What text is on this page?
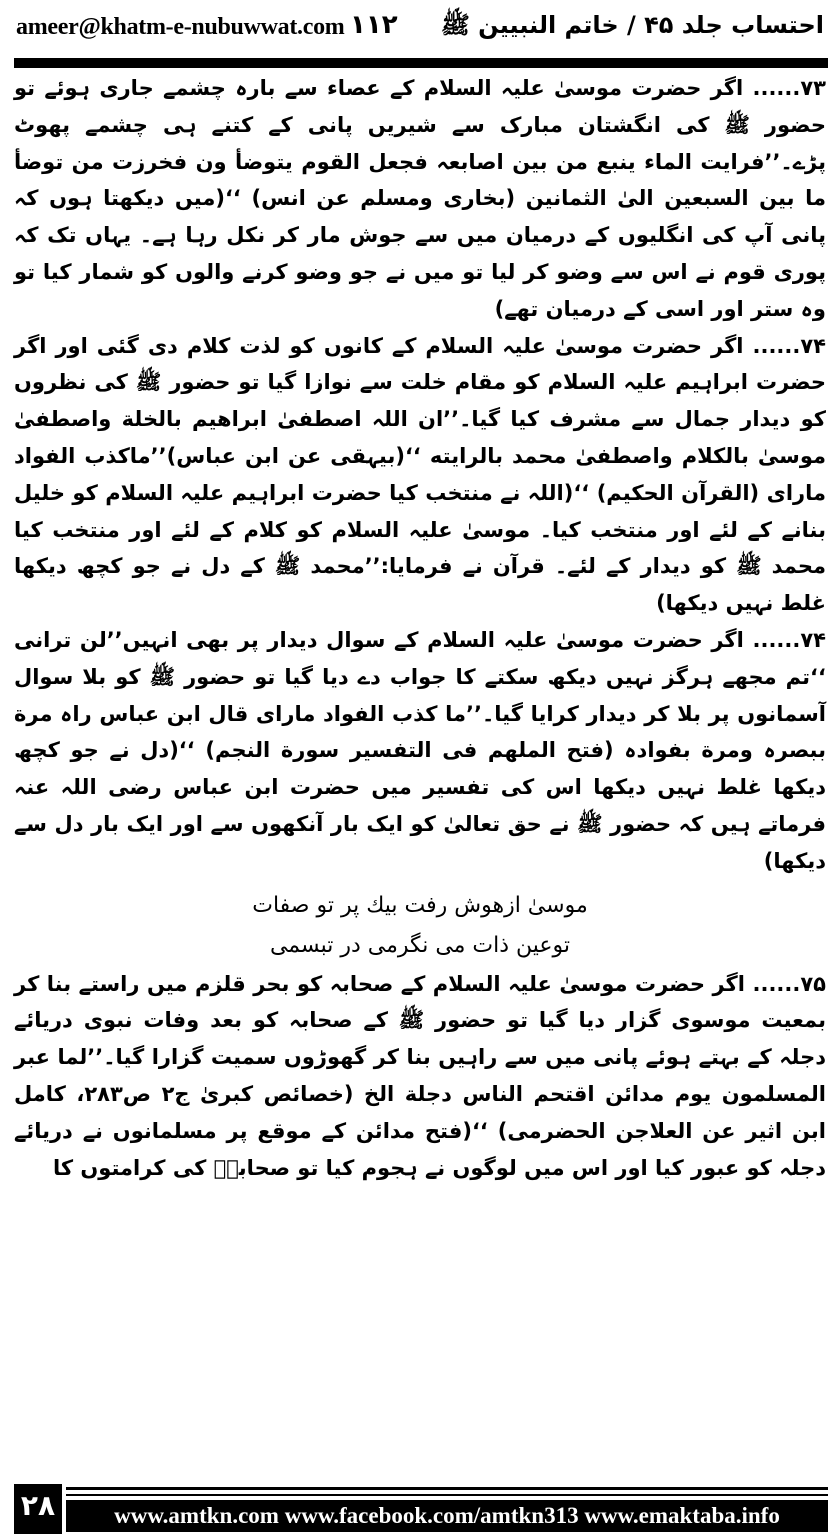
ameer@khatm-e-nubuwwat.com ۱۱۲ احتساب جلد ۴۵ / خاتم النبیین ﷺ

۷۳...... اگر حضرت موسیٰ علیہ السلام کے عصاء سے بارہ چشمے جاری ہوئے تو حضور ﷺ کی انگشتان مبارک سے شیریں پانی کے کتنے ہی چشمے پھوٹ پڑے۔’’فرایت الماء ینبع من بین اصابعہ فجعل القوم یتوضأ ون فخرزت من توضأ ما بین السبعین الیٰ الثمانین (بخاری ومسلم عن انس) ‘‘(میں دیکھتا ہوں کہ پانی آپ کی انگلیوں کے درمیان میں سے جوش مار کر نکل رہا ہے۔ یہاں تک کہ پوری قوم نے اس سے وضو کر لیا تو میں نے جو وضو کرنے والوں کو شمار کیا تو وہ ستر اور اسی کے درمیان تھے)

۷۴...... اگر حضرت موسیٰ علیہ السلام کے کانوں کو لذت کلام دی گئی اور اگر حضرت ابراہیم علیہ السلام کو مقام خلت سے نوازا گیا تو حضور ﷺ کی نظروں کو دیدار جمال سے مشرف کیا گیا۔’’ان اللہ اصطفیٰ ابراهیم بالخلة واصطفیٰ موسیٰ بالکلام واصطفیٰ محمد بالرایته ‘‘(بیہقی عن ابن عباس)’’ماکذب الفواد مارای (القرآن الحکیم) ‘‘(اللہ نے منتخب کیا حضرت ابراہیم علیہ السلام کو خلیل بنانے کے لئے اور منتخب کیا۔ موسیٰ علیہ السلام کو کلام کے لئے اور منتخب کیا محمد ﷺ کو دیدار کے لئے۔ قرآن نے فرمایا:’’محمد ﷺ کے دل نے جو کچھ دیکھا غلط نہیں دیکھا)

۷۴...... اگر حضرت موسیٰ علیہ السلام کے سوال دیدار پر بھی انہیں’’لن ترانی ‘‘تم مجھے ہرگز نہیں دیکھ سکتے کا جواب دے دیا گیا تو حضور ﷺ کو بلا سوال آسمانوں پر بلا کر دیدار کرایا گیا۔’’ما کذب الفواد مارای قال ابن عباس راہ مرة ببصرہ ومرة بفوادہ (فتح الملهم فی التفسیر سورة النجم) ‘‘(دل نے جو کچھ دیکھا غلط نہیں دیکھا اس کی تفسیر میں حضرت ابن عباس رضی اللہ عنہ فرماتے ہیں کہ حضور ﷺ نے حق تعالیٰ کو ایک بار آنکھوں سے اور ایک بار دل سے دیکھا)

موسیٰ ازهوش رفت بیك پر تو صفات
توعین ذات می نگرمی در تبسمی

۷۵...... اگر حضرت موسیٰ علیہ السلام کے صحابہ کو بحر قلزم میں راستے بنا کر بمعیت موسوی گزار دیا گیا تو حضور ﷺ کے صحابہ کو بعد وفات نبوی دریائے دجلہ کے بہتے ہوئے پانی میں سے راہیں بنا کر گھوڑوں سمیت گزارا گیا۔’’لما عبر المسلمون یوم مدائن اقتحم الناس دجلة الخ (خصائص کبریٰ ج۲ ص۲۸۳، کامل ابن اثیر عن العلاجن الحضرمی) ‘‘(فتح مدائن کے موقع پر مسلمانوں نے دریائے دجلہ کو عبور کیا اور اس میں لوگوں نے ہجوم کیا تو صحابہؓ کی کرامتوں کا

۲۸	www.amtkn.com www.facebook.com/amtkn313 www.emaktaba.info
